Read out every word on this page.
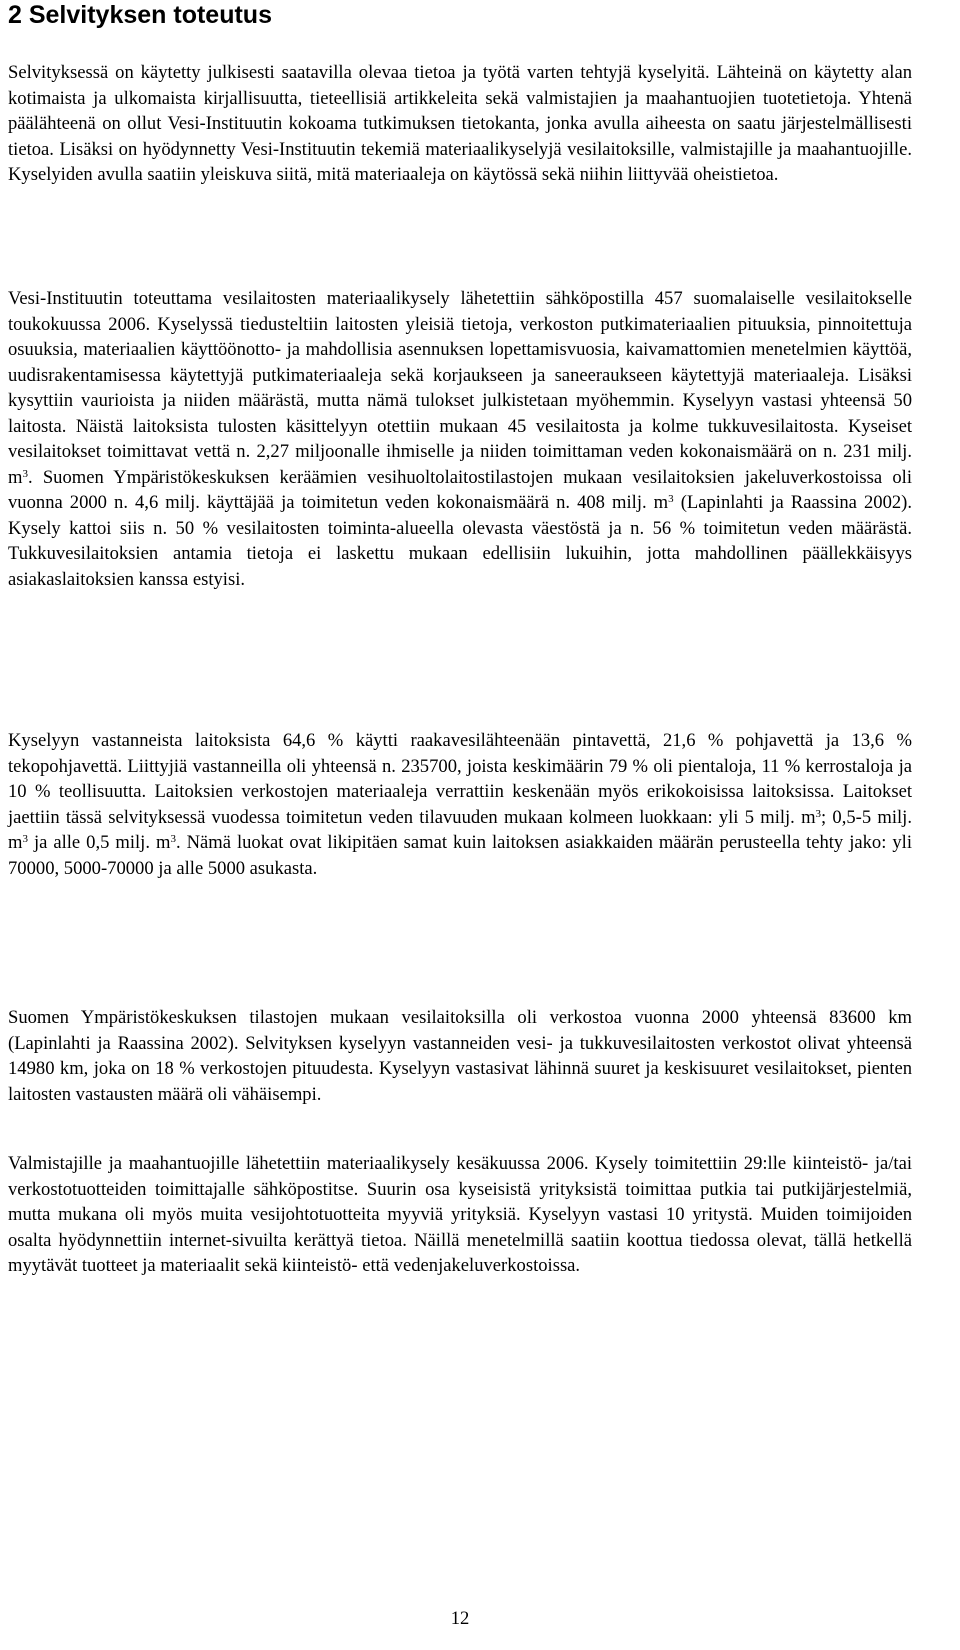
2 Selvityksen toteutus

Selvityksessä on käytetty julkisesti saatavilla olevaa tietoa ja työtä varten tehtyjä kyselyitä. Lähteinä on käytetty alan kotimaista ja ulkomaista kirjallisuutta, tieteellisiä artikkeleita sekä valmistajien ja maahantuojien tuotetietoja. Yhtenä päälähteenä on ollut Vesi-Instituutin kokoama tutkimuksen tietokanta, jonka avulla aiheesta on saatu järjestelmällisesti tietoa. Lisäksi on hyödynnetty Vesi-Instituutin tekemiä materiaalikyselyjä vesilaitoksille, valmistajille ja maahantuojille. Kyselyiden avulla saatiin yleiskuva siitä, mitä materiaaleja on käytössä sekä niihin liittyvää oheistietoa.

Vesi-Instituutin toteuttama vesilaitosten materiaalikysely lähetettiin sähköpostilla 457 suomalaiselle vesilaitokselle toukokuussa 2006. Kyselyssä tiedusteltiin laitosten yleisiä tietoja, verkoston putkimateriaalien pituuksia, pinnoitettuja osuuksia, materiaalien käyttöönotto- ja mahdollisia asennuksen lopettamisvuosia, kaivamattomien menetelmien käyttöä, uudisrakentamisessa käytettyjä putkimateriaaleja sekä korjaukseen ja saneeraukseen käytettyjä materiaaleja. Lisäksi kysyttiin vaurioista ja niiden määrästä, mutta nämä tulokset julkistetaan myöhemmin. Kyselyyn vastasi yhteensä 50 laitosta. Näistä laitoksista tulosten käsittelyyn otettiin mukaan 45 vesilaitosta ja kolme tukkuvesilaitosta. Kyseiset vesilaitokset toimittavat vettä n. 2,27 miljoonalle ihmiselle ja niiden toimittaman veden kokonaismäärä on n. 231 milj. $m^3$. Suomen Ympäristökeskuksen keräämien vesihuoltolaitostilastojen mukaan vesilaitoksien jakeluverkostoissa oli vuonna 2000 n. 4,6 milj. käyttäjää ja toimitetun veden kokonaismäärä n. 408 milj. $m^3$ (Lapinlahti ja Raassina 2002). Kysely kattoi siis n. 50 % vesilaitosten toiminta-alueella olevasta väestöstä ja n. 56 % toimitetun veden määrästä. Tukkuvesilaitoksien antamia tietoja ei laskettu mukaan edellisiin lukuihin, jotta mahdollinen päällekkäisyys asiakaslaitoksien kanssa estyisi.

Kyselyyn vastanneista laitoksista 64,6 % käytti raakavesilähteenään pintavettä, 21,6 % pohjavettä ja 13,6 % tekopohjavettä. Liittyjiä vastanneilla oli yhteensä n. 235700, joista keskimäärin 79 % oli pientaloja, 11 % kerrostaloja ja 10 % teollisuutta. Laitoksien verkostojen materiaaleja verrattiin keskenään myös erikokoisissa laitoksissa. Laitokset jaettiin tässä selvityksessä vuodessa toimitetun veden tilavuuden mukaan kolmeen luokkaan: yli 5 milj. $m^3$; 0,5-5 milj. $m^3$ ja alle 0,5 milj. $m^3$. Nämä luokat ovat likipitäen samat kuin laitoksen asiakkaiden määrän perusteella tehty jako: yli 70000, 5000-70000 ja alle 5000 asukasta.

Suomen Ympäristökeskuksen tilastojen mukaan vesilaitoksilla oli verkostoa vuonna 2000 yhteensä 83600 km (Lapinlahti ja Raassina 2002). Selvityksen kyselyyn vastanneiden vesi- ja tukkuvesilaitosten verkostot olivat yhteensä 14980 km, joka on 18 % verkostojen pituudesta. Kyselyyn vastasivat lähinnä suuret ja keskisuuret vesilaitokset, pienten laitosten vastausten määrä oli vähäisempi.

Valmistajille ja maahantuojille lähetettiin materiaalikysely kesäkuussa 2006. Kysely toimitettiin 29:lle kiinteistö- ja/tai verkostotuotteiden toimittajalle sähköpostitse. Suurin osa kyseisistä yrityksistä toimittaa putkia tai putkijärjestelmiä, mutta mukana oli myös muita vesijohtotuotteita myyviä yrityksiä. Kyselyyn vastasi 10 yritystä. Muiden toimijoiden osalta hyödynnettiin internet-sivuilta kerättyä tietoa. Näillä menetelmillä saatiin koottua tiedossa olevat, tällä hetkellä myytävät tuotteet ja materiaalit sekä kiinteistö- että vedenjakeluverkostoissa.

12
